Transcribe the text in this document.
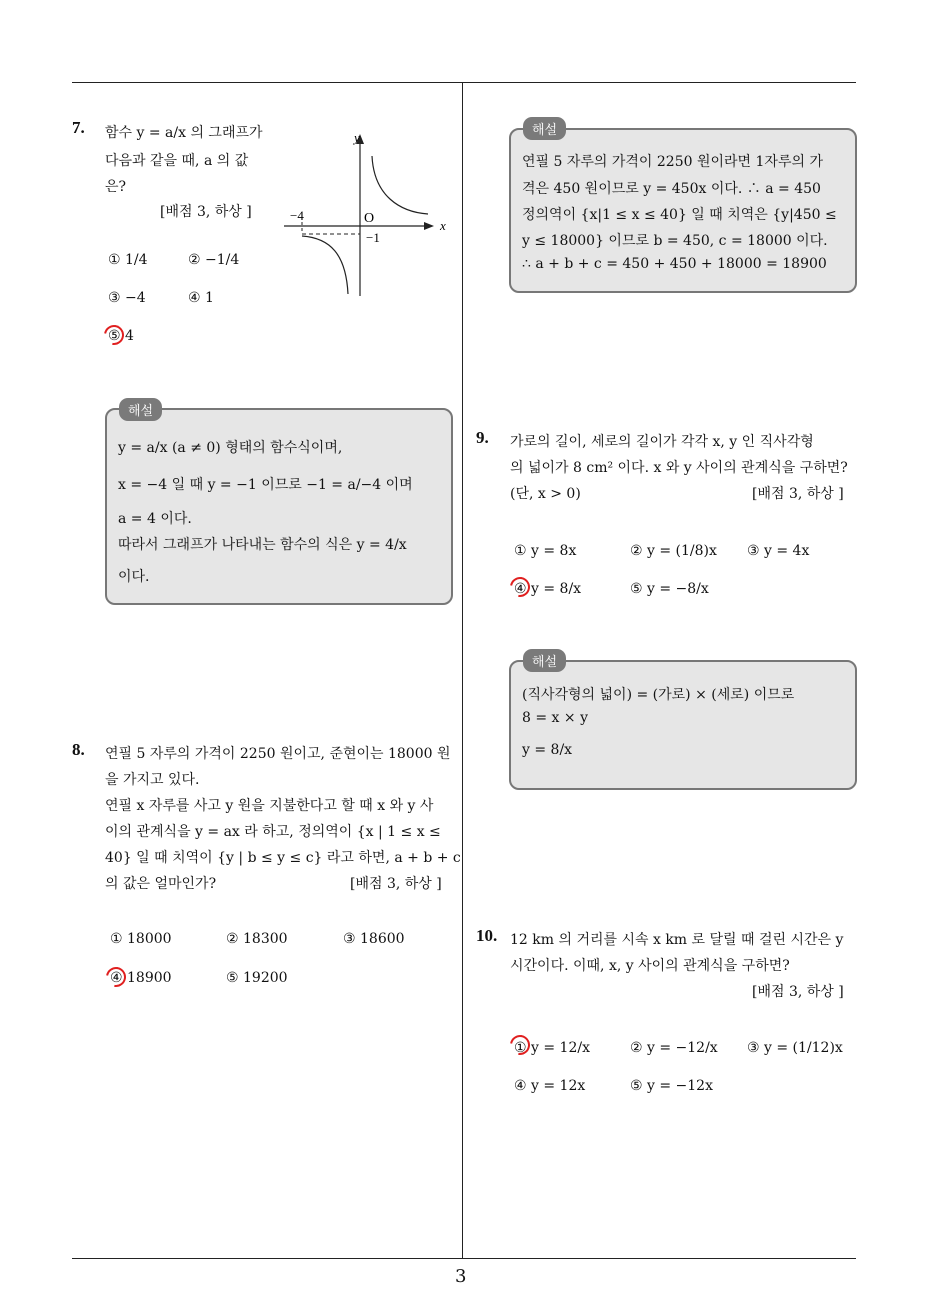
3
7. 함수 y = a/x 의 그래프가
다음과 같을 때, a 의 값
은?
[배점 3, 하상 ]
y
x
O
−4
−1
① 1/4	② −1/4
③ −4	④ 1
⑤ 4
해설
y = a/x (a ≠ 0) 형태의 함수식이며,
x = −4 일 때 y = −1 이므로 −1 = a/−4 이며
a = 4 이다.
따라서 그래프가 나타내는 함수의 식은 y = 4/x
이다.
8. 연필 5 자루의 가격이 2250 원이고, 준현이는 18000 원
을 가지고 있다.
연필 x 자루를 사고 y 원을 지불한다고 할 때 x 와 y 사
이의 관계식을 y = ax 라 하고, 정의역이 {x | 1 ≤ x ≤
40} 일 때 치역이 {y | b ≤ y ≤ c} 라고 하면, a + b + c
의 값은 얼마인가?	[배점 3, 하상 ]
① 18000	② 18300	③ 18600
④ 18900	⑤ 19200
해설
연필 5 자루의 가격이 2250 원이라면 1자루의 가
격은 450 원이므로 y = 450x 이다. ∴ a = 450
정의역이 {x|1 ≤ x ≤ 40} 일 때 치역은 {y|450 ≤
y ≤ 18000} 이므로 b = 450, c = 18000 이다.
∴ a + b + c = 450 + 450 + 18000 = 18900
9. 가로의 길이, 세로의 길이가 각각 x, y 인 직사각형
의 넓이가 8 cm² 이다. x 와 y 사이의 관계식을 구하면?
(단, x > 0)	[배점 3, 하상 ]
① y = 8x	② y = (1/8)x ③ y = 4x
④ y = 8/x	⑤ y = −8/x
해설
(직사각형의 넓이) = (가로) × (세로) 이므로
8 = x × y
y = 8/x
10. 12 km 의 거리를 시속 x km 로 달릴 때 걸린 시간은 y
시간이다. 이때, x, y 사이의 관계식을 구하면?
[배점 3, 하상 ]
① y = 12/x	② y = −12/x ③ y = (1/12)x
④ y = 12x	⑤ y = −12x
